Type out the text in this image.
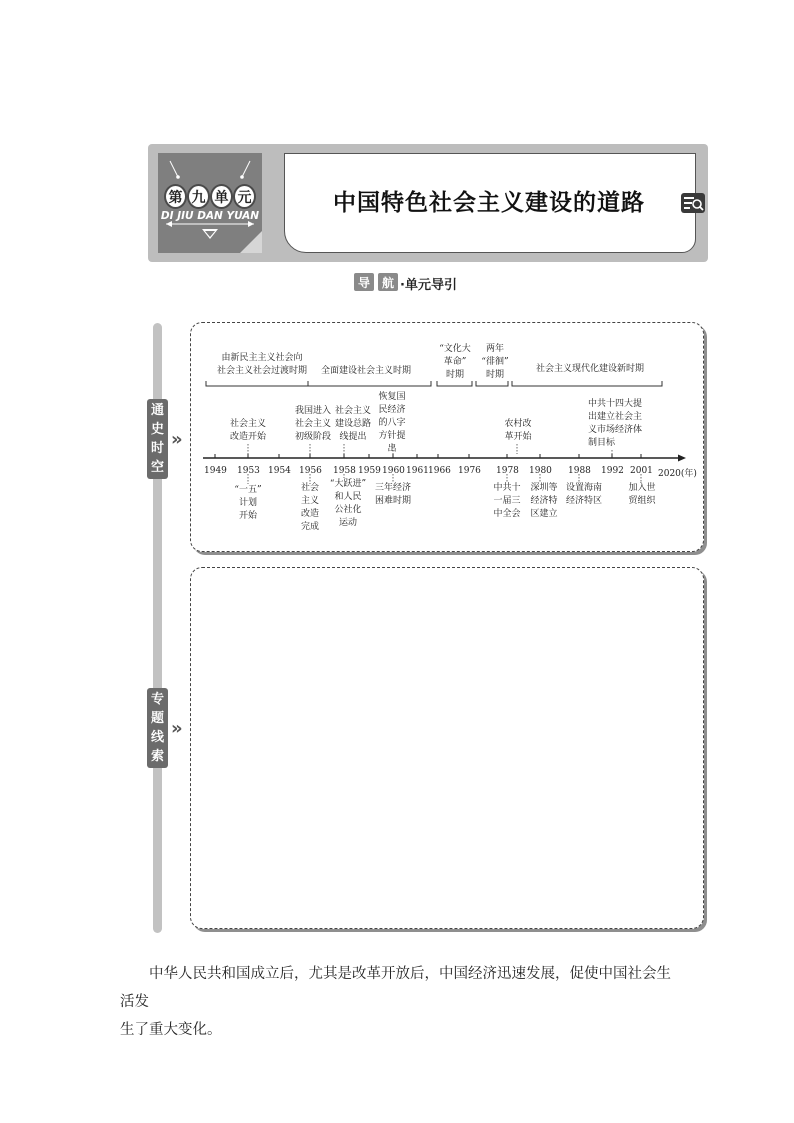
第 九 单 元
DI JIU DAN YUAN	中国特色社会主义建设的道路
导 航 ·单元导引
通
史
时
空
»
专
题
线
索
»
由新民主主义社会向
社会主义社会过渡时期	全面建设社会主义时期
“文化大
革命”
时期
两年
“徘徊”
时期
社会主义现代化建设新时期
社会主义
改造开始
我国进入
社会主义
初级阶段
社会主义
建设总路
线提出
恢复国
民经济
的八字
方针提
出
农村改
革开始
中共十四大提
出建立社会主
义市场经济体
制目标
1949 1953 1954 1956 1958 1959 1960 1961 1966 1976 1978 1980 1988 1992 2001 2020(年)
“一五”
计划
开始
社会
主义
改造
完成
“大跃进”
和人民
公社化
运动
三年经济
困难时期
中共十
一届三
中全会
深圳等
经济特
区建立
设置海南
经济特区
加入世
贸组织
中华人民共和国成立后，尤其是改革开放后，中国经济迅速发展，促使中国社会生活发
生了重大变化。
